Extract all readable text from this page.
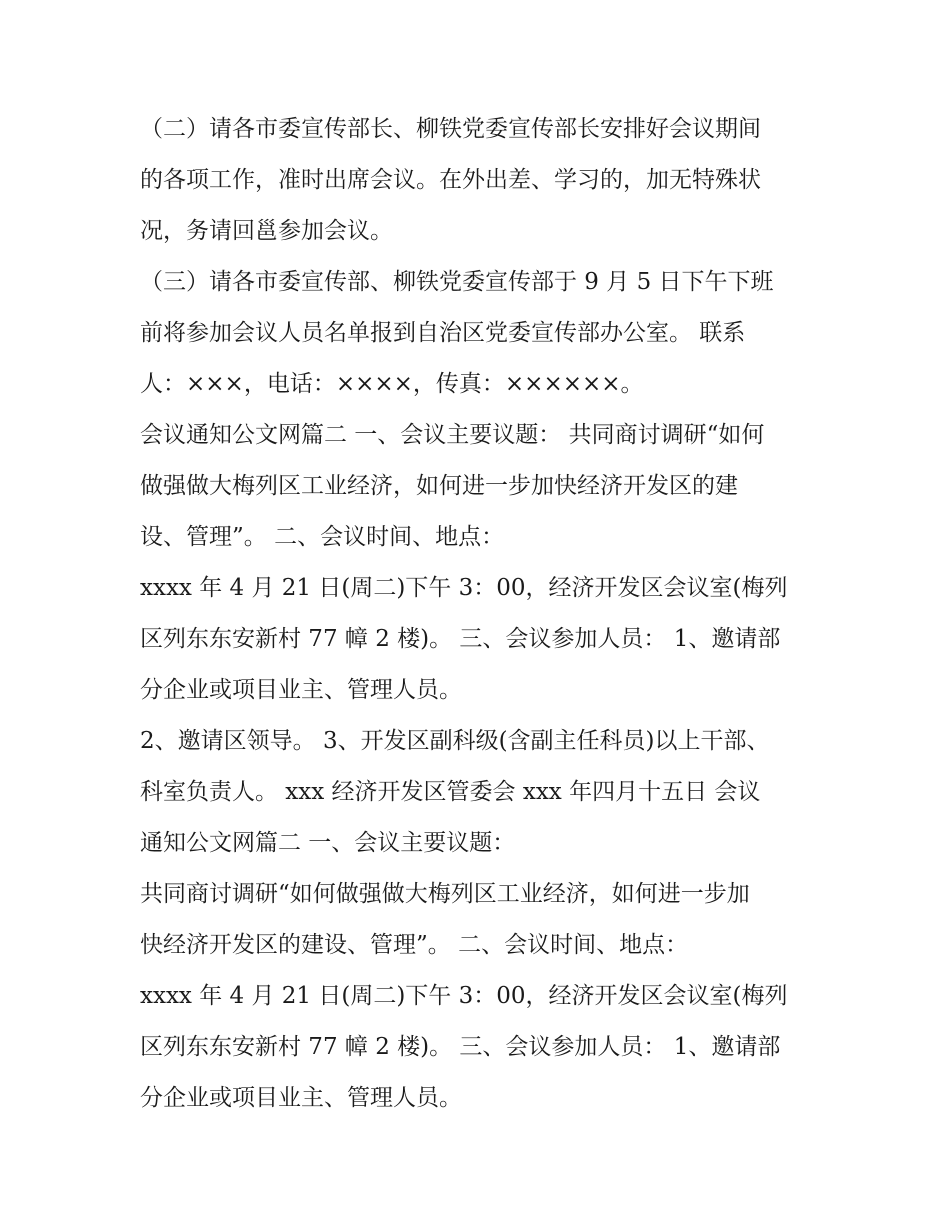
（二）请各市委宣传部长、柳铁党委宣传部长安排好会议期间
的各项工作，准时出席会议。在外出差、学习的，加无特殊状
况，务请回邕参加会议。
（三）请各市委宣传部、柳铁党委宣传部于 9 月 5 日下午下班
前将参加会议人员名单报到自治区党委宣传部办公室。 联系
人：×××，电话：××××，传真：××××××。
会议通知公文网篇二 一、会议主要议题： 共同商讨调研“如何
做强做大梅列区工业经济，如何进一步加快经济开发区的建
设、管理”。 二、会议时间、地点：
xxxx 年 4 月 21 日(周二)下午 3：00，经济开发区会议室(梅列
区列东东安新村 77 幛 2 楼)。 三、会议参加人员： 1、邀请部
分企业或项目业主、管理人员。
2、邀请区领导。 3、开发区副科级(含副主任科员)以上干部、
科室负责人。 xxx 经济开发区管委会 xxx 年四月十五日 会议
通知公文网篇二 一、会议主要议题：
共同商讨调研“如何做强做大梅列区工业经济，如何进一步加
快经济开发区的建设、管理”。 二、会议时间、地点：
xxxx 年 4 月 21 日(周二)下午 3：00，经济开发区会议室(梅列
区列东东安新村 77 幛 2 楼)。 三、会议参加人员： 1、邀请部
分企业或项目业主、管理人员。
